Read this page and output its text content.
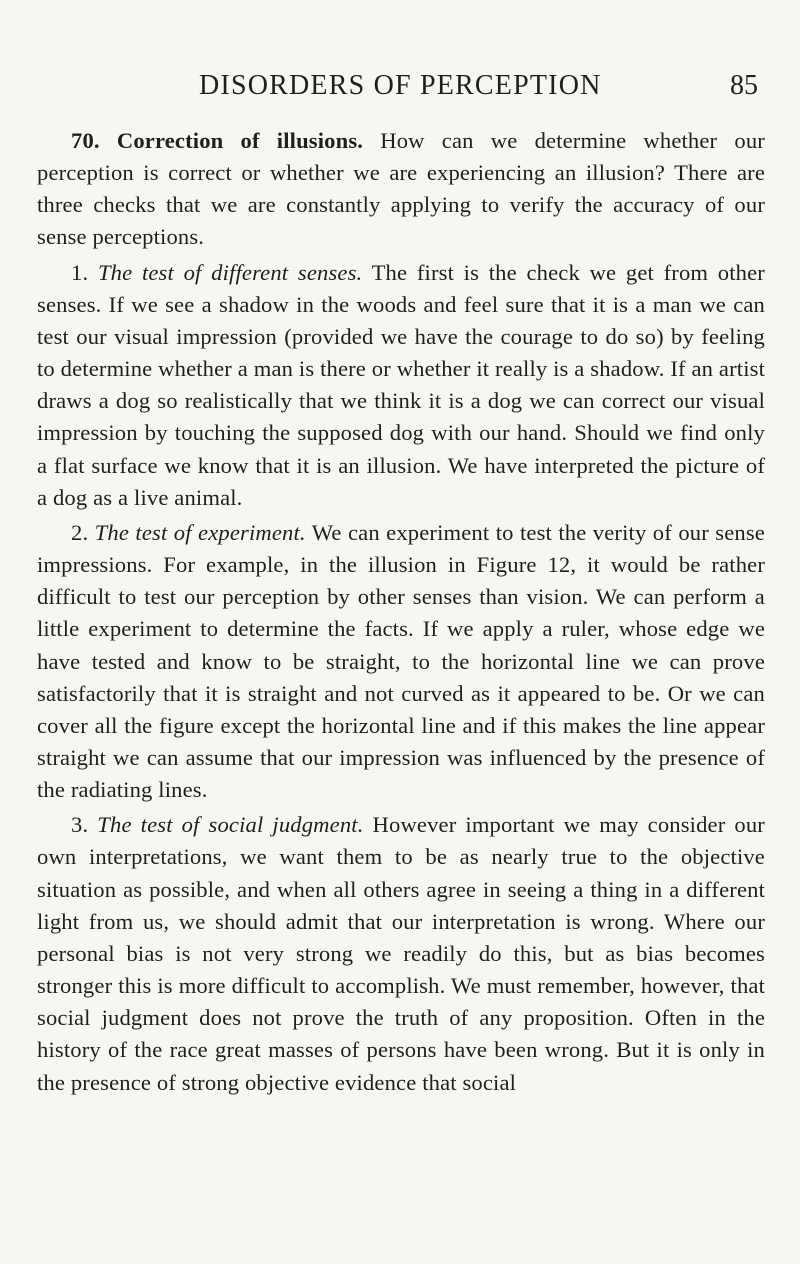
DISORDERS OF PERCEPTION	85

70. Correction of illusions. How can we determine whether our perception is correct or whether we are experiencing an illusion? There are three checks that we are constantly applying to verify the accuracy of our sense perceptions.

1. The test of different senses. The first is the check we get from other senses. If we see a shadow in the woods and feel sure that it is a man we can test our visual impression (provided we have the courage to do so) by feeling to determine whether a man is there or whether it really is a shadow. If an artist draws a dog so realistically that we think it is a dog we can correct our visual impression by touching the supposed dog with our hand. Should we find only a flat surface we know that it is an illusion. We have interpreted the picture of a dog as a live animal.

2. The test of experiment. We can experiment to test the verity of our sense impressions. For example, in the illusion in Figure 12, it would be rather difficult to test our perception by other senses than vision. We can perform a little experiment to determine the facts. If we apply a ruler, whose edge we have tested and know to be straight, to the horizontal line we can prove satisfactorily that it is straight and not curved as it appeared to be. Or we can cover all the figure except the horizontal line and if this makes the line appear straight we can assume that our impression was influenced by the presence of the radiating lines.

3. The test of social judgment. However important we may consider our own interpretations, we want them to be as nearly true to the objective situation as possible, and when all others agree in seeing a thing in a different light from us, we should admit that our interpretation is wrong. Where our personal bias is not very strong we readily do this, but as bias becomes stronger this is more difficult to accomplish. We must remember, however, that social judgment does not prove the truth of any proposition. Often in the history of the race great masses of persons have been wrong. But it is only in the presence of strong objective evidence that social
